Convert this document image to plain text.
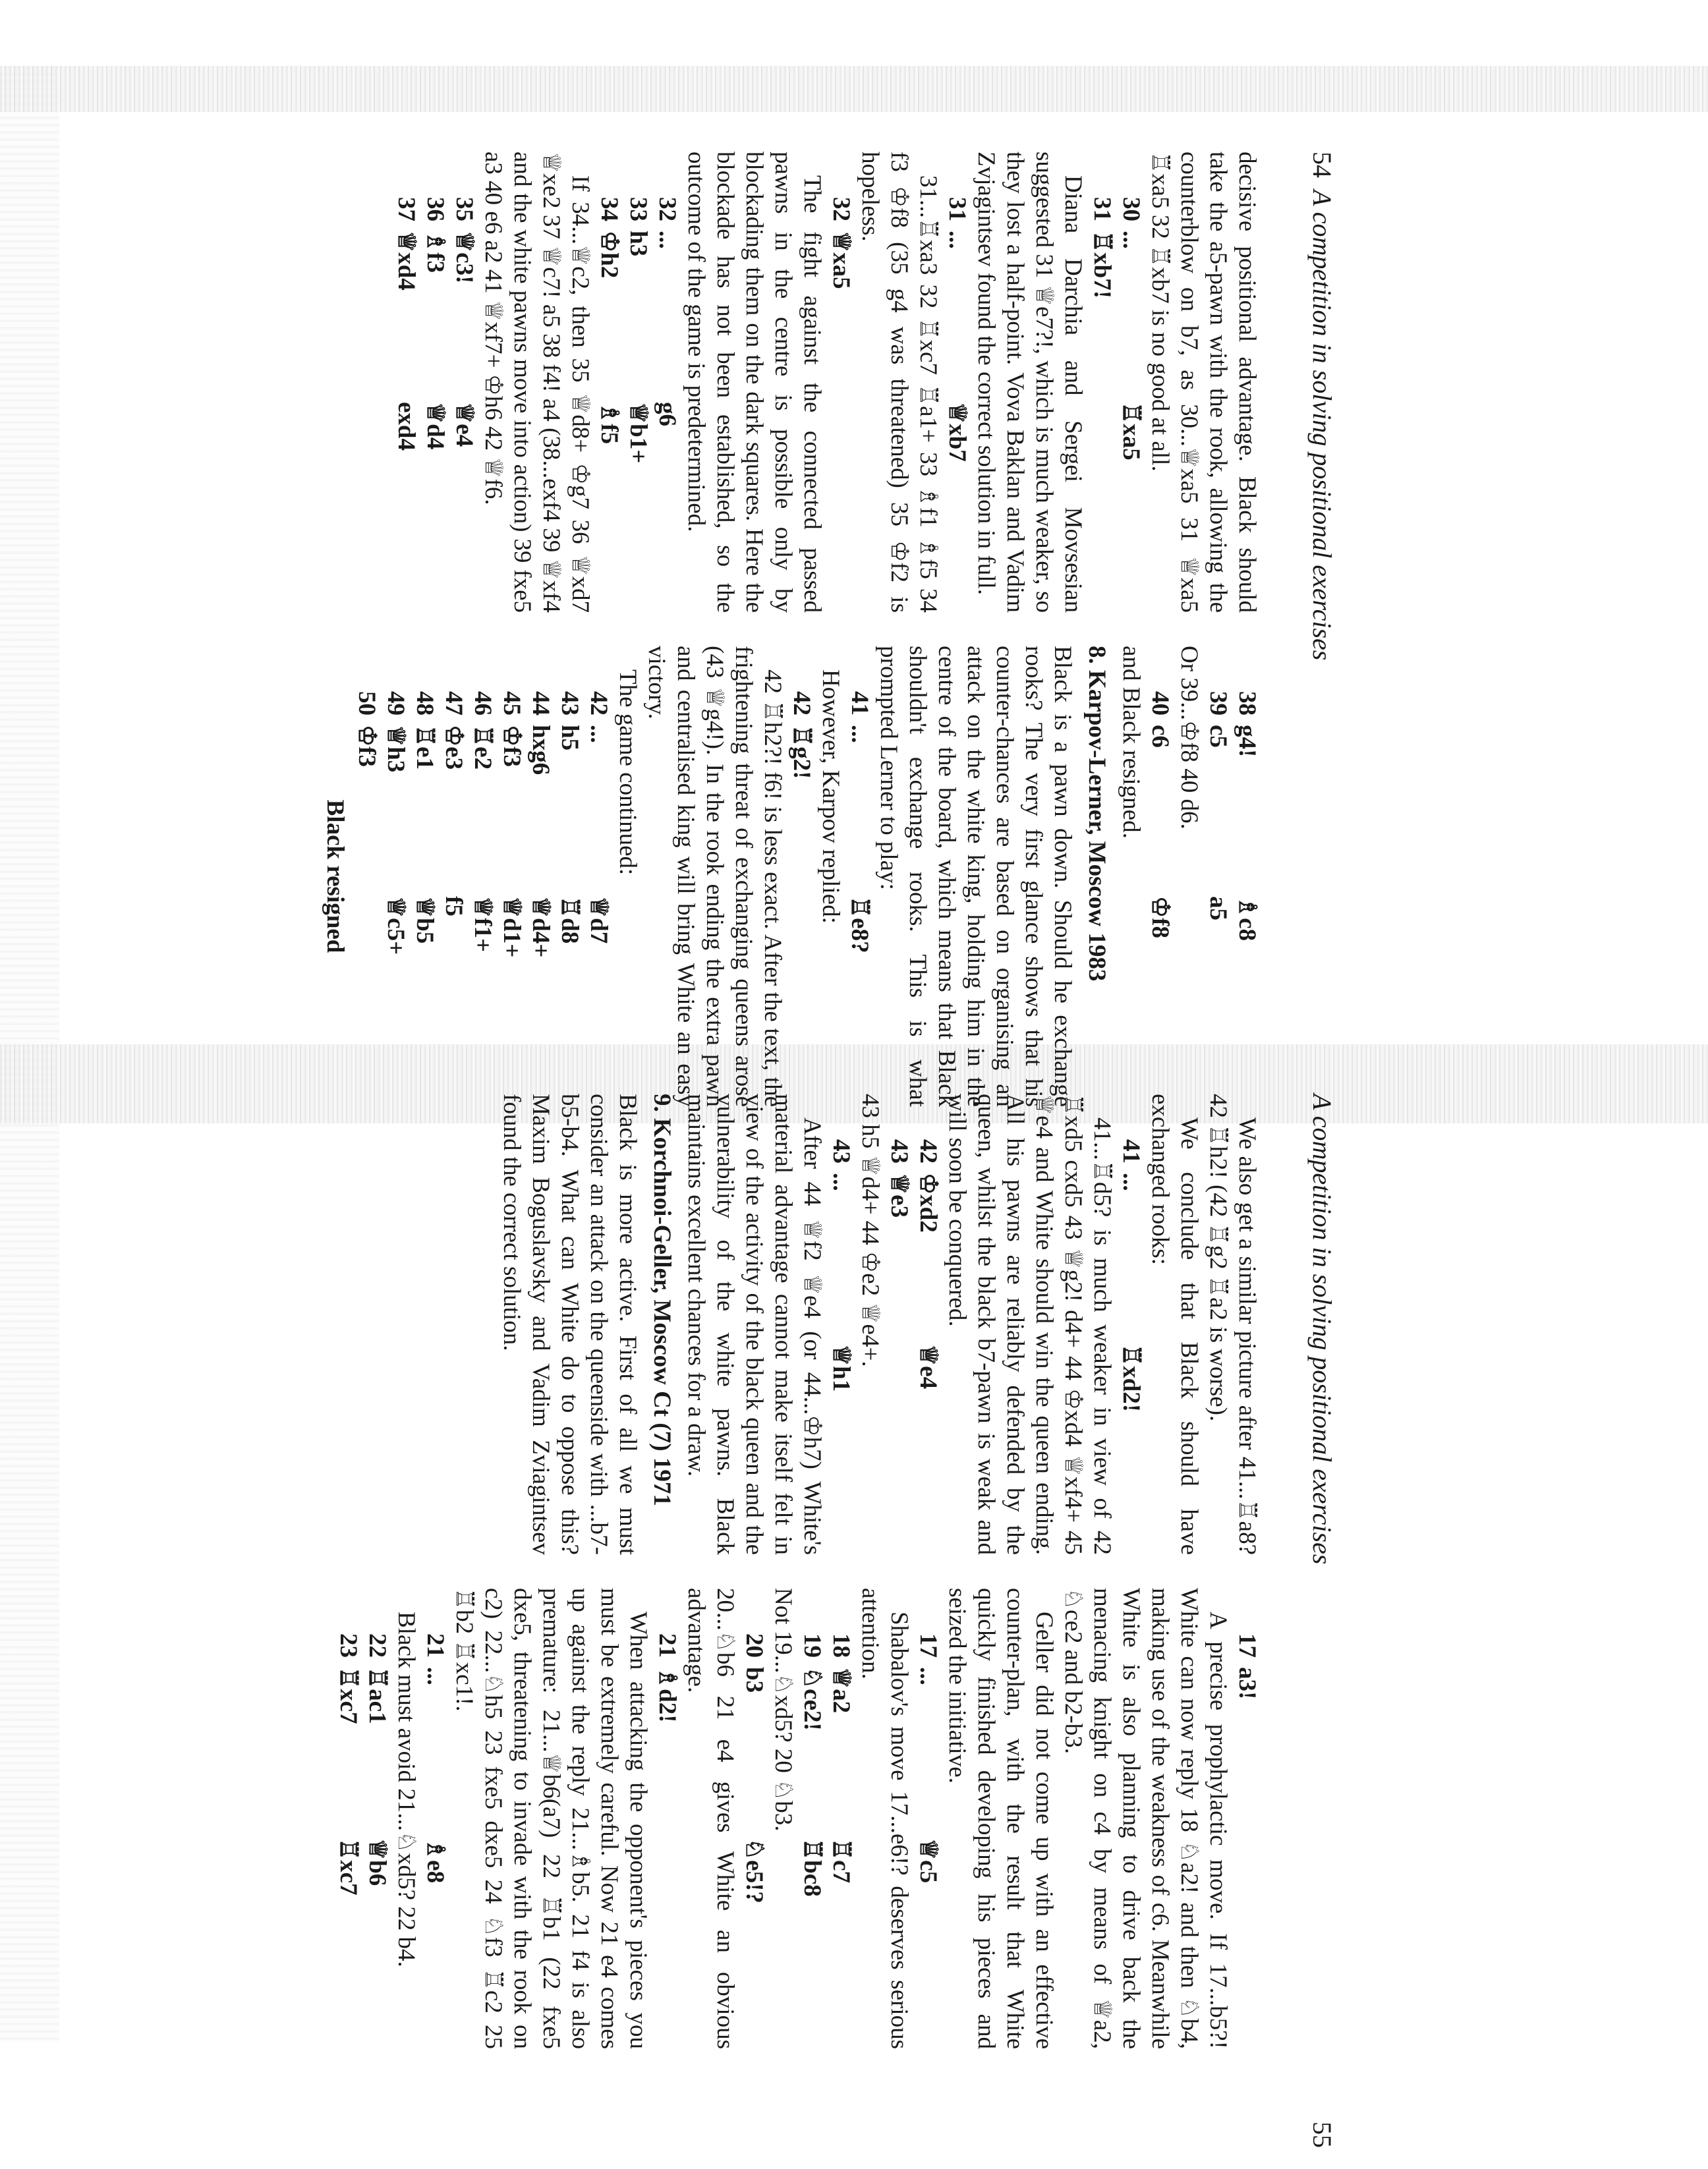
54
A competition in solving positional exercises

decisive positional advantage. Black should take the a5-pawn with the rook, allowing the counterblow on b7, as 30...♕xa5 31 ♕xa5 ♖xa5 32 ♖xb7 is no good at all.

30
...
♖xa5
31
♖xb7!

Diana Darchia and Sergei Movsesian suggested 31 ♕e7?!, which is much weaker, so they lost a half-point. Vova Baklan and Vadim Zvjagintsev found the correct solution in full.

31
...
♕xb7

31...♖xa3 32 ♖xc7 ♖a1+ 33 ♗f1 ♗f5 34 f3 ♔f8 (35 g4 was threatened) 35 ♔f2 is hopeless.

32
♕xa5

The fight against the connected passed pawns in the centre is possible only by blockading them on the dark squares. Here the blockade has not been established, so the outcome of the game is predetermined.

32
...
g6
33
h3
♕b1+
34
♔h2
♗f5

If 34...♕c2, then 35 ♕d8+ ♔g7 36 ♕xd7 ♕xe2 37 ♕c7! a5 38 f4! a4 (38...exf4 39 ♕xf4 and the white pawns move into action) 39 fxe5 a3 40 e6 a2 41 ♕xf7+ ♔h6 42 ♕f6.

35
♕c3!
♕e4
36
♗f3
♕d4
37
♕xd4
exd4
38
g4!
♗c8
39
c5
a5

Or 39...♔f8 40 d6.

40
c6
♔f8

and Black resigned.

8. Karpov-Lerner, Moscow 1983

Black is a pawn down. Should he exchange rooks? The very first glance shows that his counter-chances are based on organising an attack on the white king, holding him in the centre of the board, which means that Black shouldn't exchange rooks. This is what prompted Lerner to play:

41
...
♖e8?

However, Karpov replied:

42
♖g2!

42 ♖h2?! f6! is less exact. After the text, the frightening threat of exchanging queens arose (43 ♕g4!). In the rook ending the extra pawn and centralised king will bring White an easy victory.

The game continued:

42
...
♕d7
43
h5
♖d8
44
hxg6
♕d4+
45
♔f3
♕d1+
46
♖e2
♕f1+
47
♔e3
f5
48
♖e1
♕b5
49
♕h3
♕c5+
50
♔f3

Black resigned

A competition in solving positional exercises
55

We also get a similar picture after 41...♖a8? 42 ♖h2! (42 ♖g2 ♖a2 is worse).

We conclude that Black should have exchanged rooks:

41
...
♖xd2!

41...♖d5? is much weaker in view of 42 ♖xd5 cxd5 43 ♕g2! d4+ 44 ♔xd4 ♕xf4+ 45 ♕e4 and White should win the queen ending. All his pawns are reliably defended by the queen, whilst the black b7-pawn is weak and will soon be conquered.

42
♔xd2
♕e4
43
♕e3

43 h5 ♕d4+ 44 ♔e2 ♕e4+.

43
...
♕h1

After 44 ♕f2 ♕e4 (or 44...♔h7) White's material advantage cannot make itself felt in view of the activity of the black queen and the vulnerability of the white pawns. Black maintains excellent chances for a draw.

9. Korchnoi-Geller, Moscow Ct (7) 1971

Black is more active. First of all we must consider an attack on the queenside with ...b7-b5-b4. What can White do to oppose this? Maxim Boguslavsky and Vadim Zviagintsev found the correct solution.

17
a3!

A precise prophylactic move. If 17...b5?! White can now reply 18 ♘a2! and then ♘b4, making use of the weakness of c6. Meanwhile White is also planning to drive back the menacing knight on c4 by means of ♕a2, ♘ce2 and b2-b3.

Geller did not come up with an effective counter-plan, with the result that White quickly finished developing his pieces and seized the initiative.

17
...
♕c5

Shabalov's move 17...e6!? deserves serious attention.

18
♕a2
♖c7
19
♘ce2!
♖bc8

Not 19...♘xd5? 20 ♘b3.

20
b3
♘e5!?

20...♘b6 21 e4 gives White an obvious advantage.

21
♗d2!

When attacking the opponent's pieces you must be extremely careful. Now 21 e4 comes up against the reply 21...♗b5. 21 f4 is also premature: 21...♕b6(a7) 22 ♖b1 (22 fxe5 dxe5, threatening to invade with the rook on c2) 22...♘h5 23 fxe5 dxe5 24 ♘f3 ♖c2 25 ♖b2 ♖xc1!.

21
...
♗e8

Black must avoid 21...♘xd5? 22 b4.

22
♖ac1
♕b6
23
♖xc7
♖xc7
